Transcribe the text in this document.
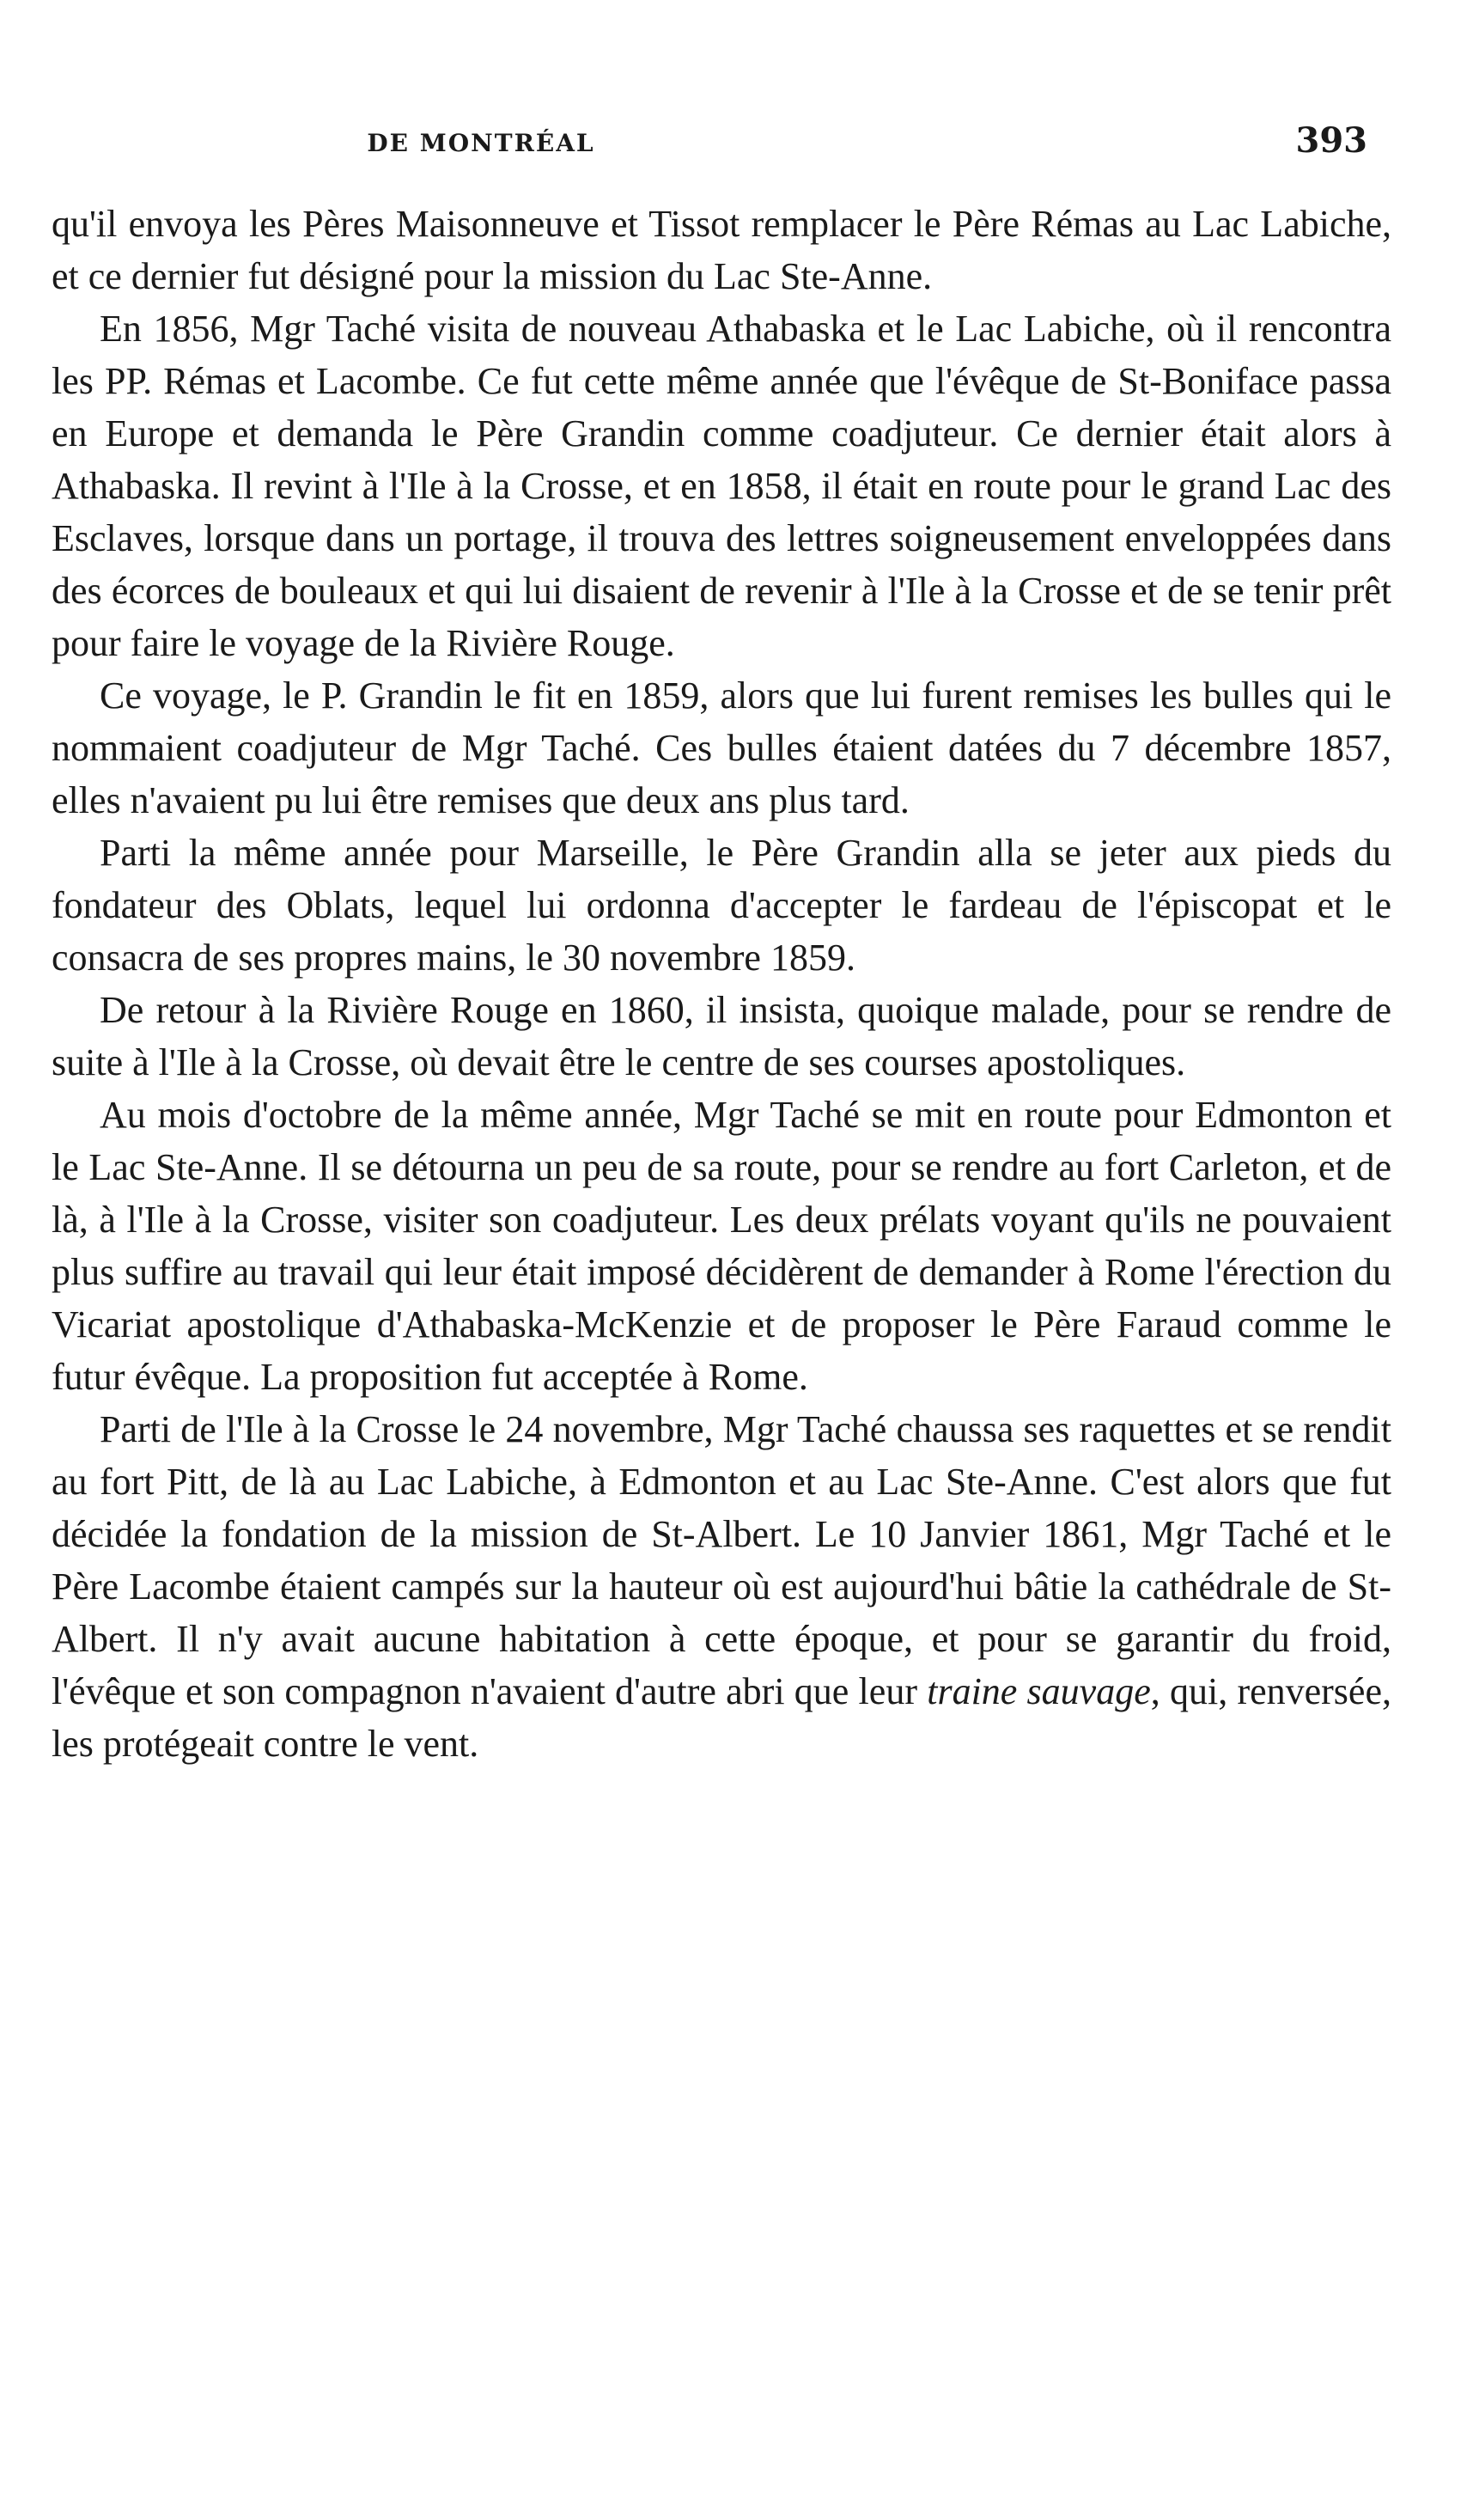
DE MONTRÉAL	393

qu'il envoya les Pères Maisonneuve et Tissot remplacer le Père Rémas au Lac Labiche, et ce dernier fut désigné pour la mission du Lac Ste-Anne.

En 1856, Mgr Taché visita de nouveau Athabaska et le Lac Labiche, où il rencontra les PP. Rémas et Lacombe. Ce fut cette même année que l'évêque de St-Boniface passa en Europe et demanda le Père Grandin comme coadjuteur. Ce dernier était alors à Athabaska. Il revint à l'Ile à la Crosse, et en 1858, il était en route pour le grand Lac des Esclaves, lorsque dans un portage, il trouva des lettres soigneusement enveloppées dans des écorces de bouleaux et qui lui disaient de revenir à l'Ile à la Crosse et de se tenir prêt pour faire le voyage de la Rivière Rouge.

Ce voyage, le P. Grandin le fit en 1859, alors que lui furent remises les bulles qui le nommaient coadjuteur de Mgr Taché. Ces bulles étaient datées du 7 décembre 1857, elles n'avaient pu lui être remises que deux ans plus tard.

Parti la même année pour Marseille, le Père Grandin alla se jeter aux pieds du fondateur des Oblats, lequel lui ordonna d'accepter le fardeau de l'épiscopat et le consacra de ses propres mains, le 30 novembre 1859.

De retour à la Rivière Rouge en 1860, il insista, quoique malade, pour se rendre de suite à l'Ile à la Crosse, où devait être le centre de ses courses apostoliques.

Au mois d'octobre de la même année, Mgr Taché se mit en route pour Edmonton et le Lac Ste-Anne. Il se détourna un peu de sa route, pour se rendre au fort Carleton, et de là, à l'Ile à la Crosse, visiter son coadjuteur. Les deux prélats voyant qu'ils ne pouvaient plus suffire au travail qui leur était imposé décidèrent de demander à Rome l'érection du Vicariat apostolique d'Athabaska-McKenzie et de proposer le Père Faraud comme le futur évêque. La proposition fut acceptée à Rome.

Parti de l'Ile à la Crosse le 24 novembre, Mgr Taché chaussa ses raquettes et se rendit au fort Pitt, de là au Lac Labiche, à Edmonton et au Lac Ste-Anne. C'est alors que fut décidée la fondation de la mission de St-Albert. Le 10 Janvier 1861, Mgr Taché et le Père Lacombe étaient campés sur la hauteur où est aujourd'hui bâtie la cathédrale de St-Albert. Il n'y avait aucune habitation à cette époque, et pour se garantir du froid, l'évêque et son compagnon n'avaient d'autre abri que leur traine sauvage, qui, renversée, les protégeait contre le vent.
